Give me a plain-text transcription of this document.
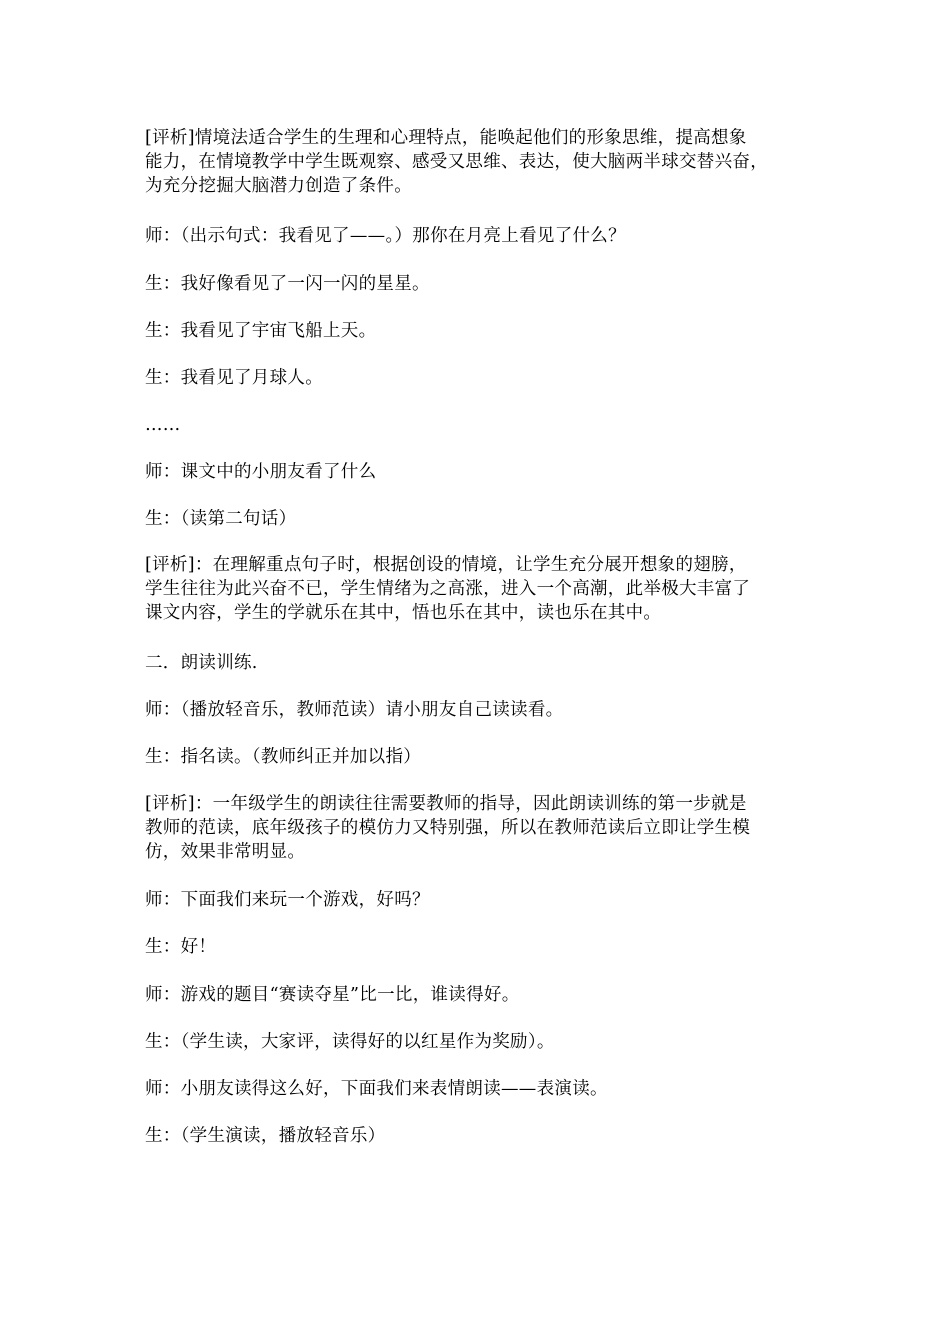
[评析]情境法适合学生的生理和心理特点，能唤起他们的形象思维，提高想象
能力，在情境教学中学生既观察、感受又思维、表达，使大脑两半球交替兴奋，
为充分挖掘大脑潜力创造了条件。

师：（出示句式：我看见了——。）那你在月亮上看见了什么？

生：我好像看见了一闪一闪的星星。

生：我看见了宇宙飞船上天。

生：我看见了月球人。

……

师：课文中的小朋友看了什么

生：（读第二句话）

[评析]：在理解重点句子时，根据创设的情境，让学生充分展开想象的翅膀，
学生往往为此兴奋不已，学生情绪为之高涨，进入一个高潮，此举极大丰富了
课文内容，学生的学就乐在其中，悟也乐在其中，读也乐在其中。

二．朗读训练.

师：（播放轻音乐，教师范读）请小朋友自己读读看。

生：指名读。（教师纠正并加以指）

[评析]：一年级学生的朗读往往需要教师的指导，因此朗读训练的第一步就是
教师的范读，底年级孩子的模仿力又特别强，所以在教师范读后立即让学生模
仿，效果非常明显。

师：下面我们来玩一个游戏，好吗？

生：好！

师：游戏的题目“赛读夺星”比一比，谁读得好。

生：（学生读，大家评，读得好的以红星作为奖励）。

师：小朋友读得这么好，下面我们来表情朗读——表演读。

生：（学生演读，播放轻音乐）
